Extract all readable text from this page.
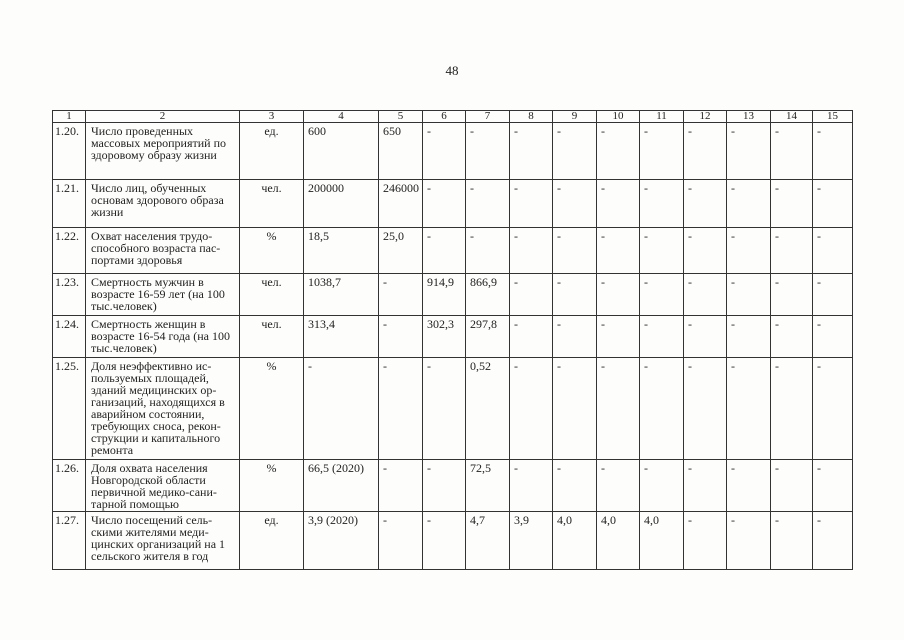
48
1	2	3	4	5	6	7	8	9	10	11	12	13	14	15
1.20.	Число проведенных массовых мероприятий по здоровому образу жизни	ед.	600	650	-	-	-	-	-	-	-	-	-	-
1.21.	Число лиц, обученных основам здорового образа жизни	чел.	200000	246000	-	-	-	-	-	-	-	-	-	-
1.22.	Охват населения трудо-способного возраста пас-портами здоровья	%	18,5	25,0	-	-	-	-	-	-	-	-	-	-
1.23.	Смертность мужчин в возрасте 16-59 лет (на 100 тыс.человек)	чел.	1038,7	-	914,9	866,9	-	-	-	-	-	-	-	-
1.24.	Смертность женщин в возрасте 16-54 года (на 100 тыс.человек)	чел.	313,4	-	302,3	297,8	-	-	-	-	-	-	-	-
1.25.	Доля неэффективно ис-пользуемых площадей, зданий медицинских ор-ганизаций, находящихся в аварийном состоянии, требующих сноса, рекон-струкции и капитального ремонта	%	-	-	-	0,52	-	-	-	-	-	-	-	-
1.26.	Доля охвата населения Новгородской области первичной медико-сани-тарной помощью	%	66,5 (2020)	-	-	72,5	-	-	-	-	-	-	-	-
1.27.	Число посещений сель-скими жителями меди-цинских организаций на 1 сельского жителя в год	ед.	3,9 (2020)	-	-	4,7	3,9	4,0	4,0	4,0	-	-	-	-
